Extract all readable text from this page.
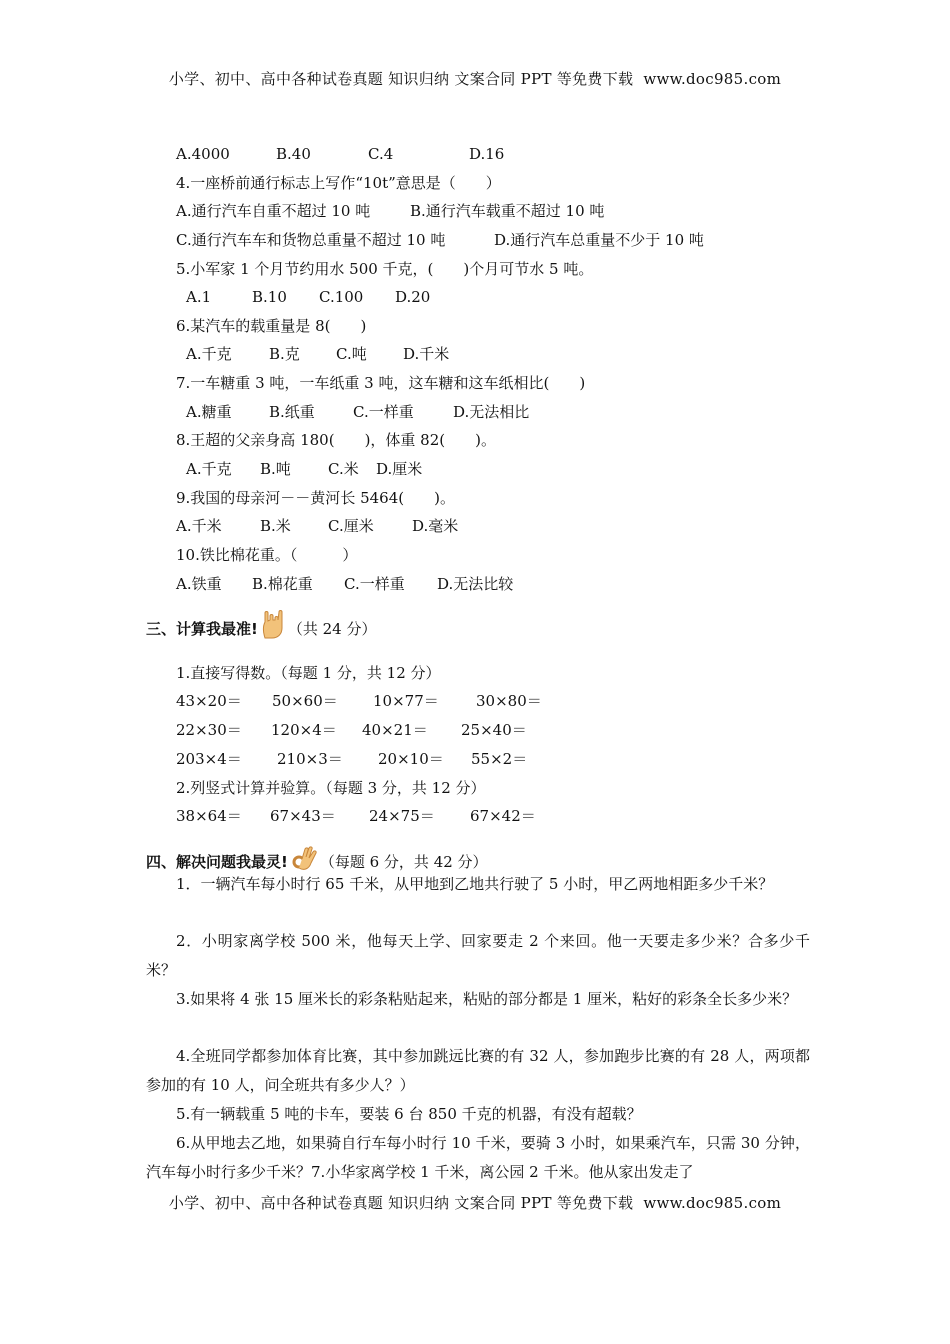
小学、初中、高中各种试卷真题 知识归纳 文案合同 PPT 等免费下载 www.doc985.com
A.4000	B.40	C.4	D.16
4.一座桥前通行标志上写作“10t”意思是（　　）
A.通行汽车自重不超过 10 吨	B.通行汽车载重不超过 10 吨
C.通行汽车车和货物总重量不超过 10 吨	D.通行汽车总重量不少于 10 吨
5.小军家 1 个月节约用水 500 千克，(　　)个月可节水 5 吨。
A.1	B.10 C.100 D.20
6.某汽车的载重量是 8(　　)
A.千克 B.克 C.吨 D.千米
7.一车糖重 3 吨，一车纸重 3 吨，这车糖和这车纸相比(　　)
A.糖重 B.纸重	C.一样重	D.无法相比
8.王超的父亲身高 180(　　)，体重 82(　　)。
A.千克 B.吨 C.米 D.厘米
9.我国的母亲河－－黄河长 5464(　　)。
A.千米	B.米 C.厘米	D.毫米
10.铁比棉花重。（　　　）
A.铁重 B.棉花重 C.一样重 D.无法比较
三、计算我最准! （共 24 分）
1.直接写得数。（每题 1 分，共 12 分）
43×20＝ 50×60＝ 10×77＝ 30×80＝
22×30＝ 120×4＝ 40×21＝ 25×40＝
203×4＝ 210×3＝ 20×10＝ 55×2＝
2.列竖式计算并验算。（每题 3 分，共 12 分）
38×64＝ 67×43＝ 24×75＝ 67×42＝
四、解决问题我最灵! （每题 6 分，共 42 分）
1．一辆汽车每小时行 65 千米，从甲地到乙地共行驶了 5 小时，甲乙两地相距多少千米？
2．小明家离学校 500 米，他每天上学、回家要走 2 个来回。他一天要走多少米？合多少千米？
3.如果将 4 张 15 厘米长的彩条粘贴起来，粘贴的部分都是 1 厘米，粘好的彩条全长多少米？
4.全班同学都参加体育比赛，其中参加跳远比赛的有 32 人，参加跑步比赛的有 28 人，两项都参加的有 10 人，问全班共有多少人？）
5.有一辆载重 5 吨的卡车，要装 6 台 850 千克的机器，有没有超载？
6.从甲地去乙地，如果骑自行车每小时行 10 千米，要骑 3 小时，如果乘汽车，只需 30 分钟，汽车每小时行多少千米？7.小华家离学校 1 千米，离公园 2 千米。他从家出发走了
小学、初中、高中各种试卷真题 知识归纳 文案合同 PPT 等免费下载 www.doc985.com
